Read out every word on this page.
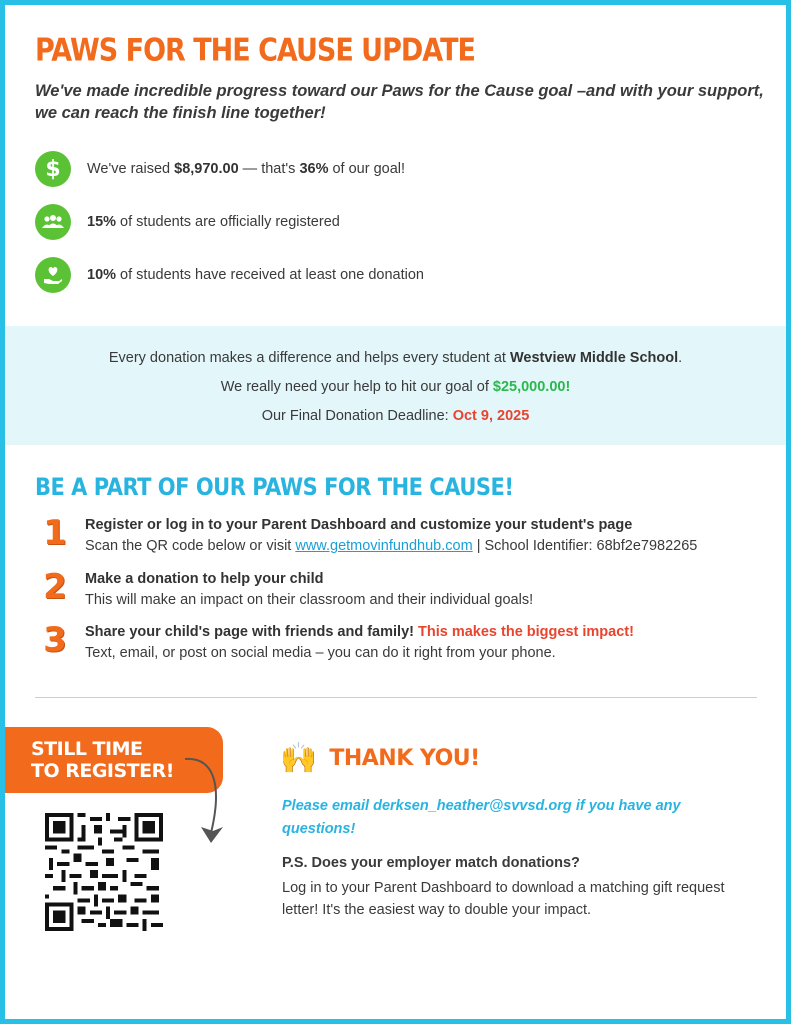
PAWS FOR THE CAUSE UPDATE

We've made incredible progress toward our Paws for the Cause goal –and with your support, we can reach the finish line together!

$ We've raised $8,970.00 — that's 36% of our goal!
15% of students are officially registered
10% of students have received at least one donation

Every donation makes a difference and helps every student at Westview Middle School.

We really need your help to hit our goal of $25,000.00!

Our Final Donation Deadline: Oct 9, 2025

BE A PART OF OUR PAWS FOR THE CAUSE!
1	Register or log in to your Parent Dashboard and customize your student's page
Scan the QR code below or visit www.getmovinfundhub.com | School Identifier: 68bf2e7982265
2	Make a donation to help your child
This will make an impact on their classroom and their individual goals!
3	Share your child's page with friends and family! This makes the biggest impact!
Text, email, or post on social media – you can do it right from your phone.

STILL TIME
TO REGISTER!	🙌 THANK YOU!

Please email derksen_heather@svvsd.org if you have any questions!

P.S. Does your employer match donations?

Log in to your Parent Dashboard to download a matching gift request letter! It's the easiest way to double your impact.
